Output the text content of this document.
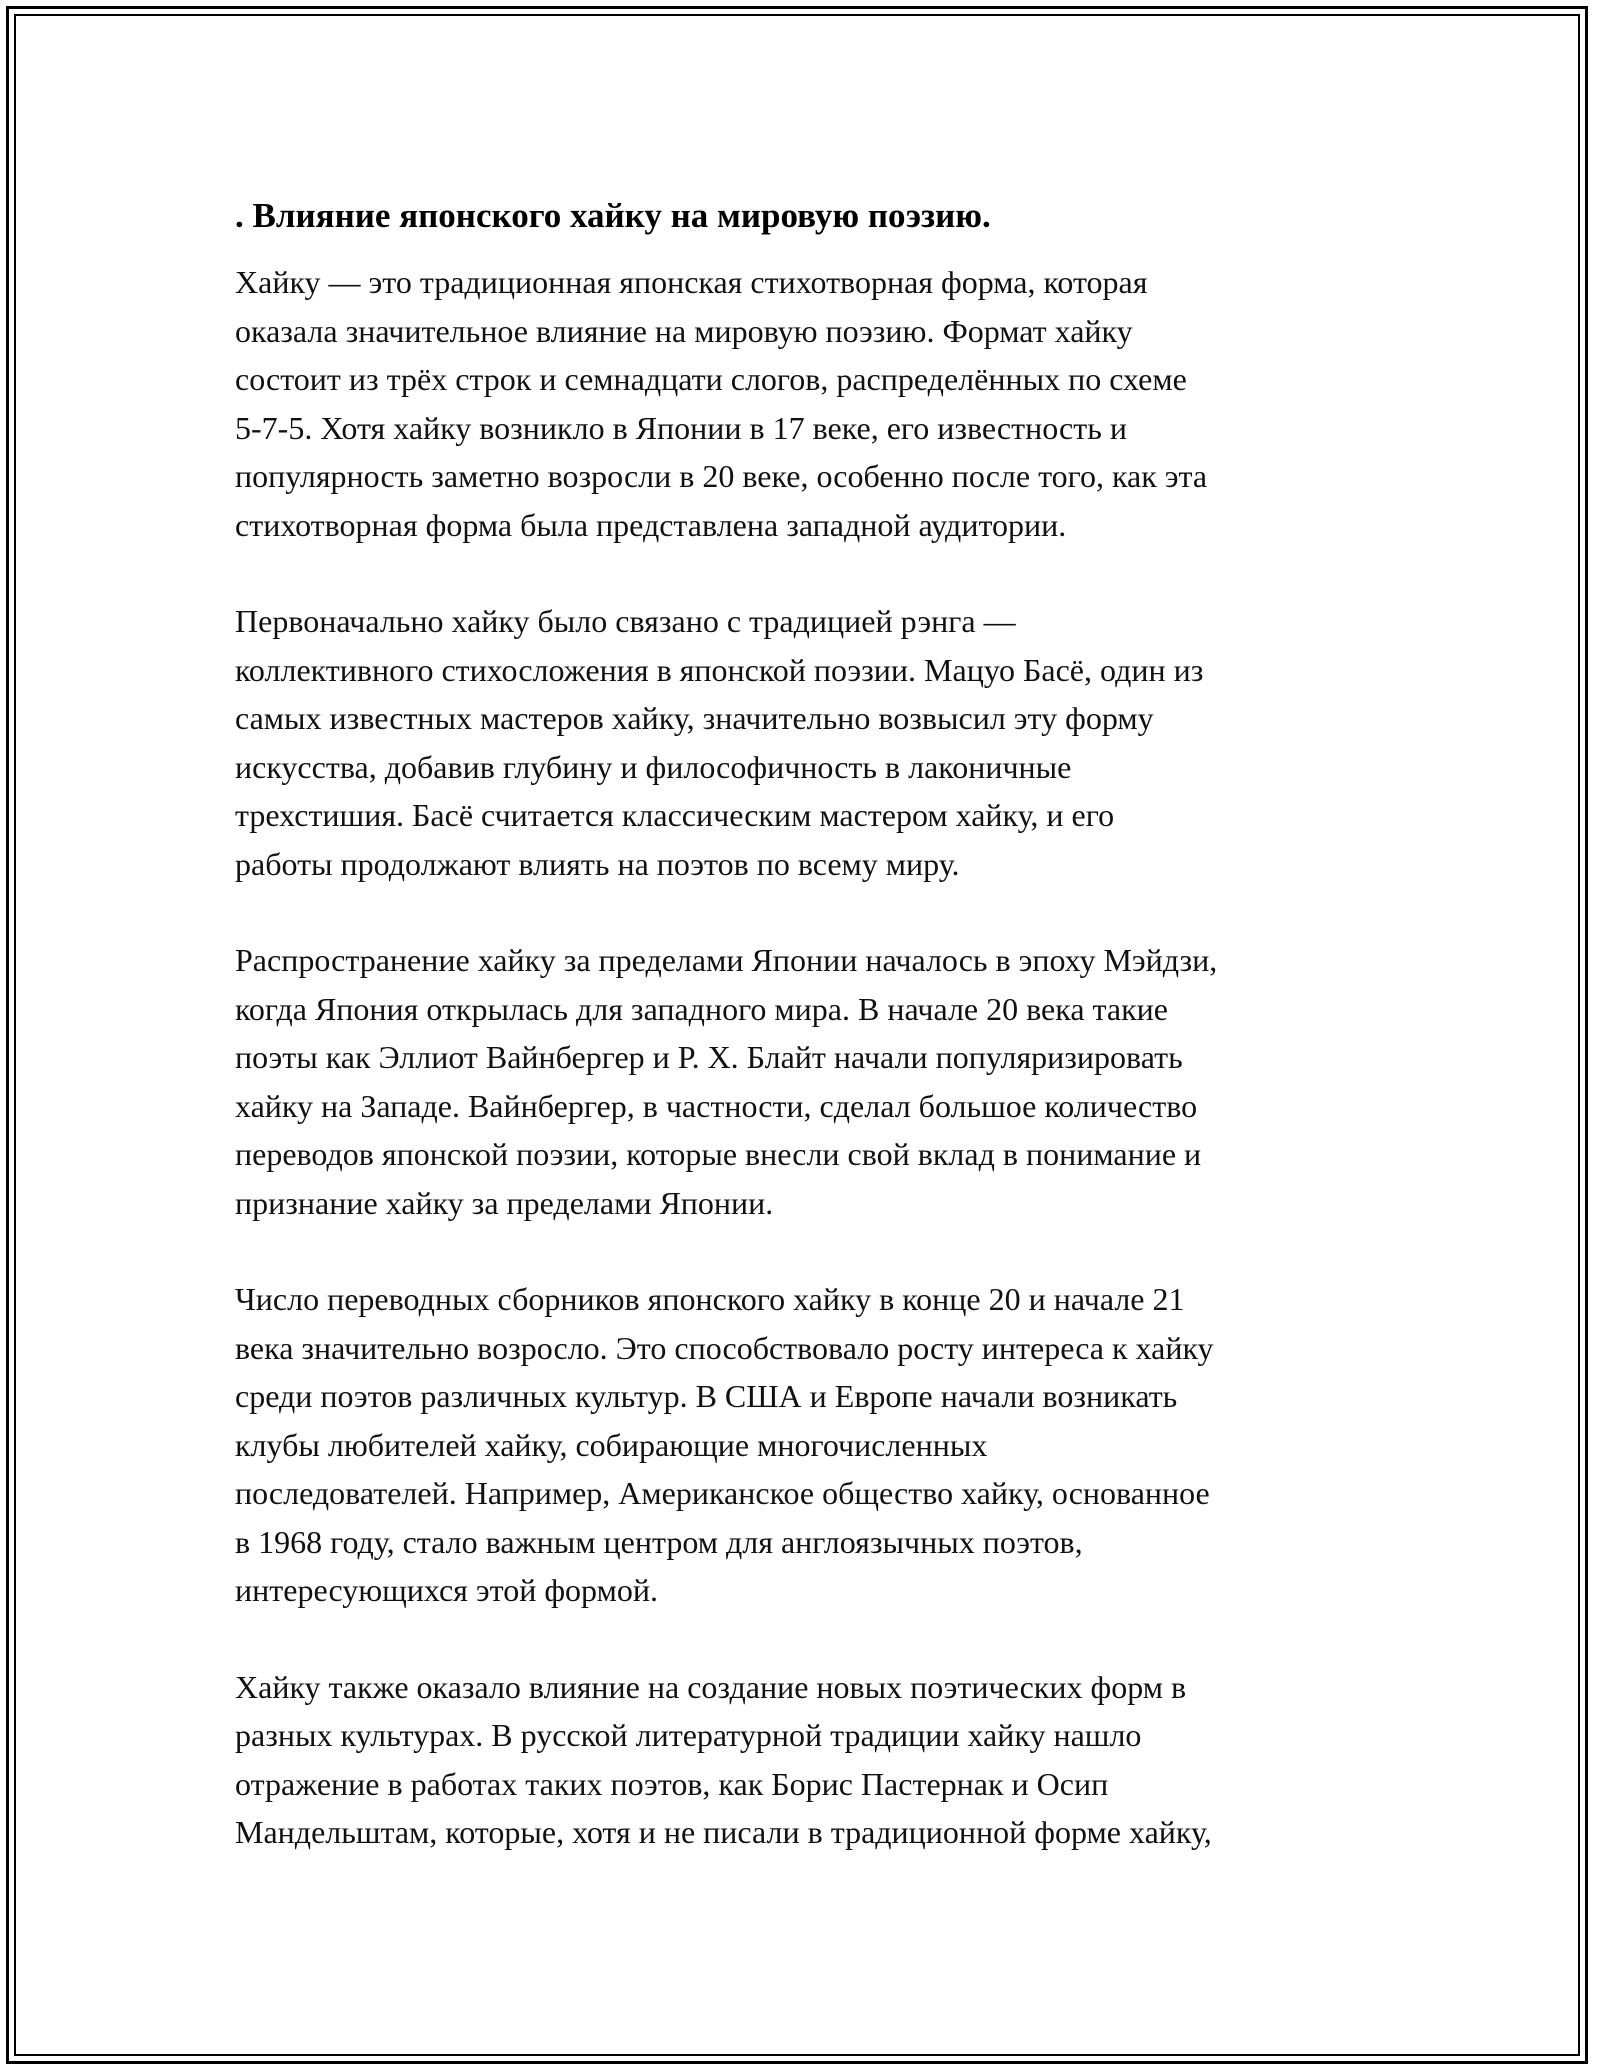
. Влияние японского хайку на мировую поэзию.

Хайку — это традиционная японская стихотворная форма, которая
оказала значительное влияние на мировую поэзию. Формат хайку
состоит из трёх строк и семнадцати слогов, распределённых по схеме
5-7-5. Хотя хайку возникло в Японии в 17 веке, его известность и
популярность заметно возросли в 20 веке, особенно после того, как эта
стихотворная форма была представлена западной аудитории.

Первоначально хайку было связано с традицией рэнга —
коллективного стихосложения в японской поэзии. Мацуо Басё, один из
самых известных мастеров хайку, значительно возвысил эту форму
искусства, добавив глубину и философичность в лаконичные
трехстишия. Басё считается классическим мастером хайку, и его
работы продолжают влиять на поэтов по всему миру.

Распространение хайку за пределами Японии началось в эпоху Мэйдзи,
когда Япония открылась для западного мира. В начале 20 века такие
поэты как Эллиот Вайнбергер и Р. Х. Блайт начали популяризировать
хайку на Западе. Вайнбергер, в частности, сделал большое количество
переводов японской поэзии, которые внесли свой вклад в понимание и
признание хайку за пределами Японии.

Число переводных сборников японского хайку в конце 20 и начале 21
века значительно возросло. Это способствовало росту интереса к хайку
среди поэтов различных культур. В США и Европе начали возникать
клубы любителей хайку, собирающие многочисленных
последователей. Например, Американское общество хайку, основанное
в 1968 году, стало важным центром для англоязычных поэтов,
интересующихся этой формой.

Хайку также оказало влияние на создание новых поэтических форм в
разных культурах. В русской литературной традиции хайку нашло
отражение в работах таких поэтов, как Борис Пастернак и Осип
Мандельштам, которые, хотя и не писали в традиционной форме хайку,
